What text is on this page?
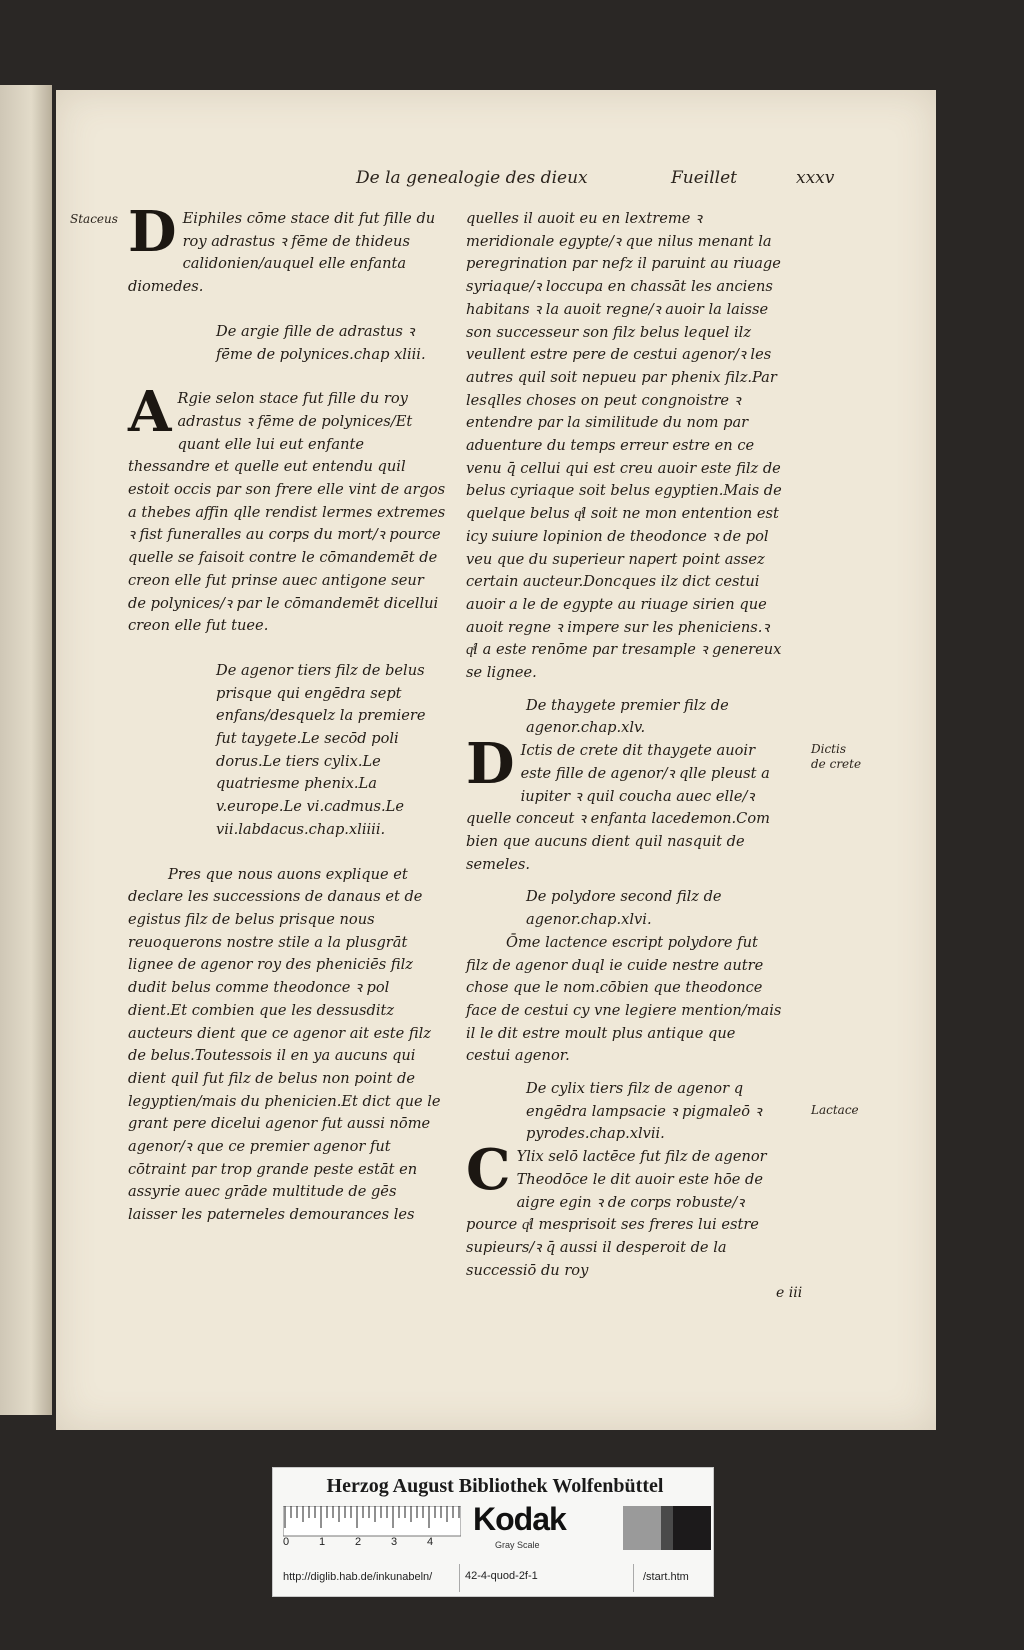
De la genealogie des dieux	Fueillet	xxxv
Staceus
Dictis
de crete
Lactace

D Eiphiles cōme stace dit fut fille du roy adrastus ꝛ fēme de thideus calidonien/auquel elle enfanta diomedes.

De argie fille de adrastus ꝛ fēme de polynices.chap xliii.

A Rgie selon stace fut fille du roy adrastus ꝛ fēme de polynices/Et quant elle lui eut enfante thessandre et quelle eut entendu quil estoit occis par son frere elle vint de argos a thebes affin qlle rendist lermes extremes ꝛ fist funeralles au corps du mort/ꝛ pource quelle se faisoit contre le cōmandemēt de creon elle fut prinse auec antigone seur de polynices/ꝛ par le cōmandemēt dicellui creon elle fut tuee.

De agenor tiers filz de belus prisque qui engēdra sept enfans/desquelz la premiere fut taygete.Le secōd poli dorus.Le tiers cylix.Le quatriesme phenix.La v.europe.Le vi.cadmus.Le vii.labdacus.chap.xliiii.

Pres que nous auons explique et declare les successions de danaus et de egistus filz de belus prisque nous reuoquerons nostre stile a la plusgrāt lignee de agenor roy des pheniciēs filz dudit belus comme theodonce ꝛ pol dient.Et combien que les dessusditz aucteurs dient que ce agenor ait este filz de belus.Toutessois il en ya aucuns qui dient quil fut filz de belus non point de legyptien/mais du phenicien.Et dict que le grant pere dicelui agenor fut aussi nōme agenor/ꝛ que ce premier agenor fut cōtraint par trop grande peste estāt en assyrie auec grāde multitude de gēs laisser les paterneles demourances les

quelles il auoit eu en lextreme ꝛ meridionale egypte/ꝛ que nilus menant la peregrination par nefz il paruint au riuage syriaque/ꝛ loccupa en chassāt les anciens habitans ꝛ la auoit regne/ꝛ auoir la laisse son successeur son filz belus lequel ilz veullent estre pere de cestui agenor/ꝛ les autres quil soit nepueu par phenix filz.Par lesqlles choses on peut congnoistre ꝛ entendre par la similitude du nom par aduenture du temps erreur estre en ce venu q̄ cellui qui est creu auoir este filz de belus cyriaque soit belus egyptien.Mais de quelque belus qͥl soit ne mon entention est icy suiure lopinion de theodonce ꝛ de pol veu que du superieur napert point assez certain aucteur.Doncques ilz dict cestui auoir a le de egypte au riuage sirien que auoit regne ꝛ impere sur les pheniciens.ꝛ qͥl a este renōme par tresample ꝛ genereux se lignee.

De thaygete premier filz de agenor.chap.xlv.

D Ictis de crete dit thaygete auoir este fille de agenor/ꝛ qlle pleust a iupiter ꝛ quil coucha auec elle/ꝛ quelle conceut ꝛ enfanta lacedemon.Com bien que aucuns dient quil nasquit de semeles.

De polydore second filz de agenor.chap.xlvi.

Ōme lactence escript polydore fut filz de agenor duql ie cuide nestre autre chose que le nom.cōbien que theodonce face de cestui cy vne legiere mention/mais il le dit estre moult plus antique que cestui agenor.

De cylix tiers filz de agenor q engēdra lampsacie ꝛ pigmaleō ꝛ pyrodes.chap.xlvii.

C Ylix selō lactēce fut filz de agenor Theodōce le dit auoir este hōe de aigre egin ꝛ de corps robuste/ꝛ pource qͥl mesprisoit ses freres lui estre supieurs/ꝛ q̄ aussi il desperoit de la successiō du roy

e iii
Herzog August Bibliothek Wolfenbüttel
0	1	2	3	4
Kodak
Gray Scale
http://diglib.hab.de/inkunabeln/	42-4-quod-2f-1	/start.htm
